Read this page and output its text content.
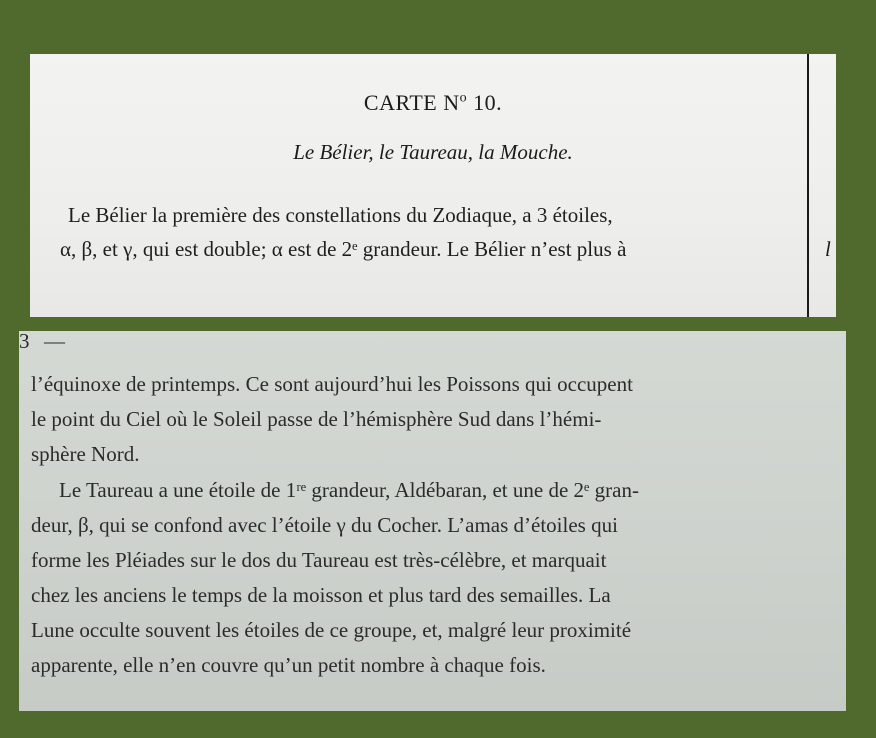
CARTE $N^o$ 10.
Le Bélier, le Taureau, la Mouche.
Le Bélier la première des constellations du Zodiaque, a 3 étoiles,
α, β, et γ, qui est double; α est de 2ᵉ grandeur. Le Bélier n’est plus à	l
3 —
l’équinoxe de printemps. Ce sont aujourd’hui les Poissons qui occupent
le point du Ciel où le Soleil passe de l’hémisphère Sud dans l’hémi-
sphère Nord.
Le Taureau a une étoile de 1ʳᵉ grandeur, Aldébaran, et une de 2ᵉ gran-
deur, β, qui se confond avec l’étoile γ du Cocher. L’amas d’étoiles qui
forme les Pléiades sur le dos du Taureau est très-célèbre, et marquait
chez les anciens le temps de la moisson et plus tard des semailles. La
Lune occulte souvent les étoiles de ce groupe, et, malgré leur proximité
apparente, elle n’en couvre qu’un petit nombre à chaque fois.
